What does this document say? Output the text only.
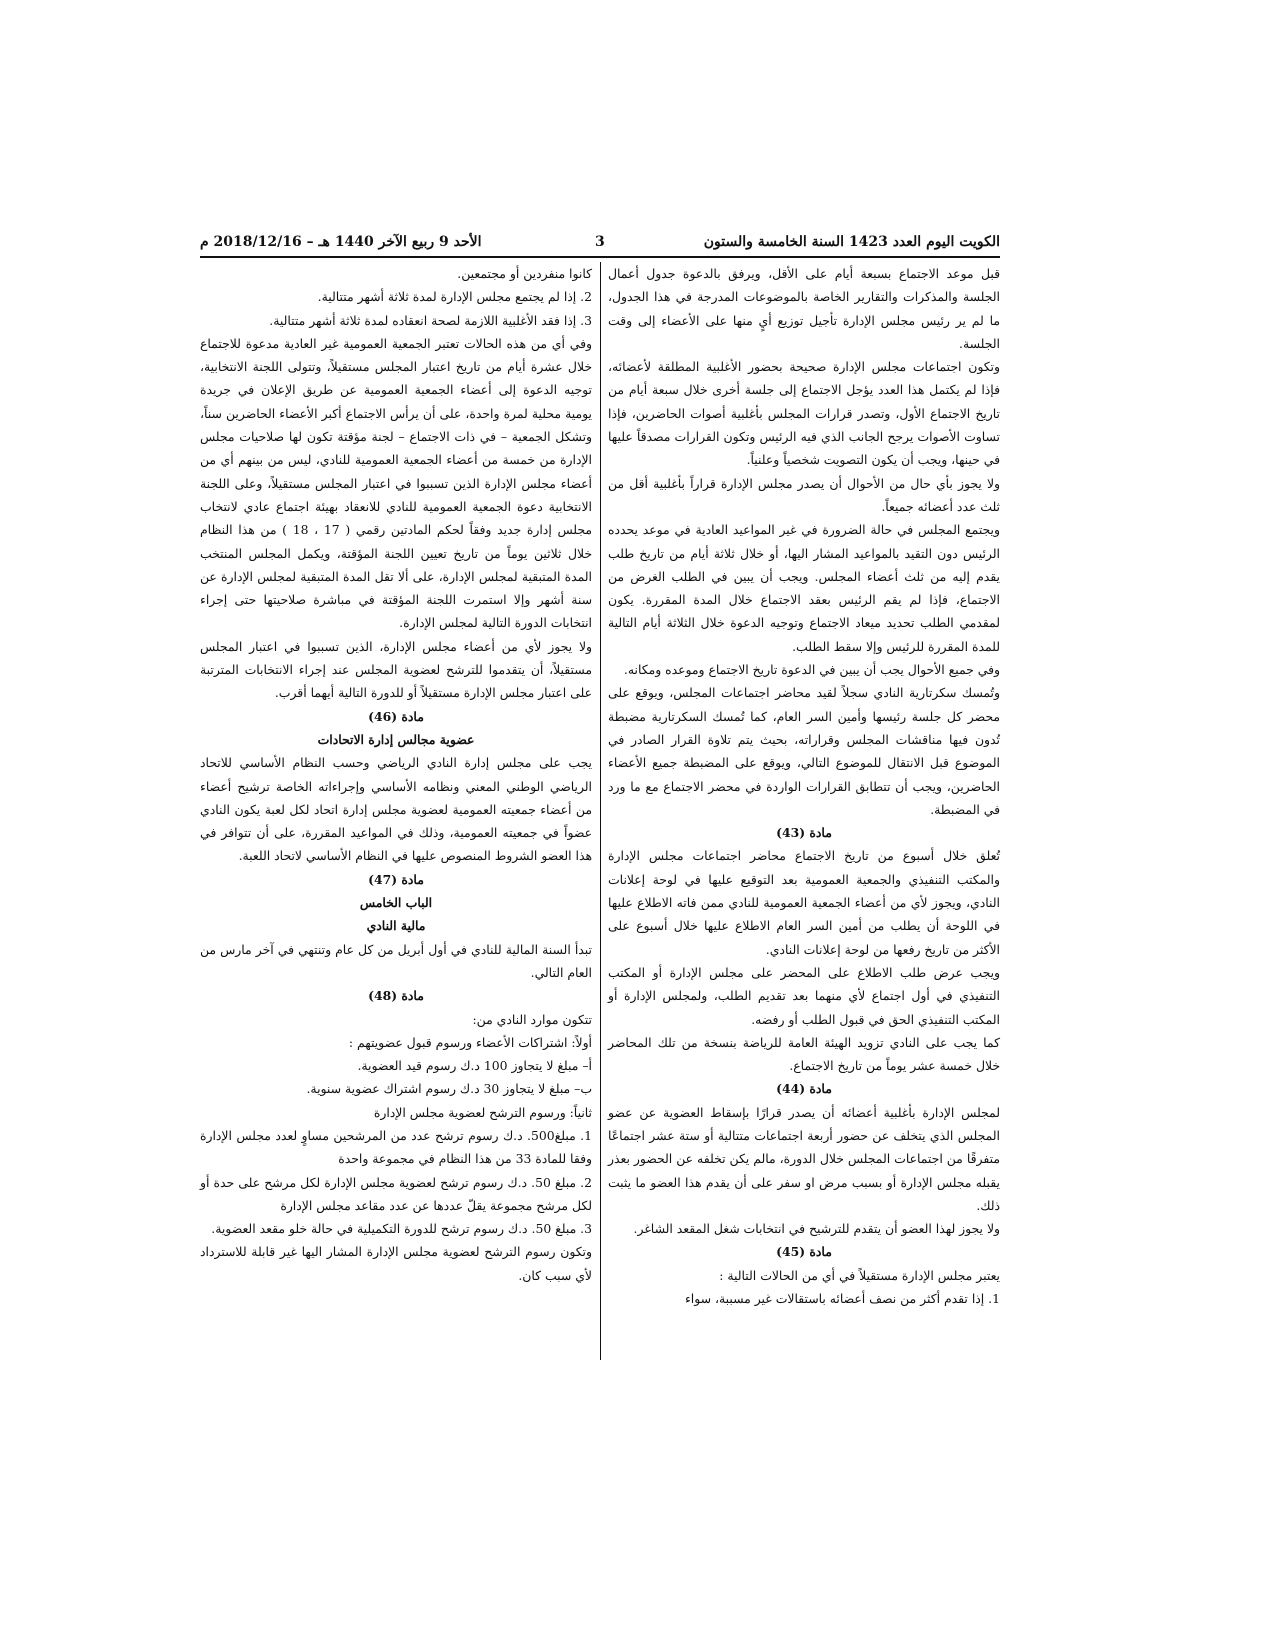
الكويت اليوم العدد 1423 السنة الخامسة والستون
3
الأحد 9 ربيع الآخر 1440 هـ – 2018/12/16 م

قبل موعد الاجتماع بسبعة أيام على الأقل، ويرفق بالدعوة جدول أعمال الجلسة والمذكرات والتقارير الخاصة بالموضوعات المدرجة في هذا الجدول، ما لم ير رئيس مجلس الإدارة تأجيل توزيع أيٍ منها على الأعضاء إلى وقت الجلسة.

وتكون اجتماعات مجلس الإدارة صحيحة بحضور الأغلبية المطلقة لأعضائه، فإذا لم يكتمل هذا العدد يؤجل الاجتماع إلى جلسة أخرى خلال سبعة أيام من تاريخ الاجتماع الأول، وتصدر قرارات المجلس بأغلبية أصوات الحاضرين، فإذا تساوت الأصوات يرجح الجانب الذي فيه الرئيس وتكون القرارات مصدقاً عليها في حينها، ويجب أن يكون التصويت شخصياً وعلنياً.

ولا يجوز بأي حال من الأحوال أن يصدر مجلس الإدارة قراراً بأغلبية أقل من ثلث عدد أعضائه جميعاً.

ويجتمع المجلس في حالة الضرورة في غير المواعيد العادية في موعد يحدده الرئيس دون التقيد بالمواعيد المشار اليها، أو خلال ثلاثة أيام من تاريخ طلب يقدم إليه من ثلث أعضاء المجلس. ويجب أن يبين في الطلب الغرض من الاجتماع، فإذا لم يقم الرئيس بعقد الاجتماع خلال المدة المقررة. يكون لمقدمي الطلب تحديد ميعاد الاجتماع وتوجيه الدعوة خلال الثلاثة أيام التالية للمدة المقررة للرئيس وإلا سقط الطلب.

وفي جميع الأحوال يجب أن يبين في الدعوة تاريخ الاجتماع وموعده ومكانه.

وتُمسك سكرتارية النادي سجلاً لقيد محاضر اجتماعات المجلس، ويوقع على محضر كل جلسة رئيسها وأمين السر العام، كما تُمسك السكرتارية مضبطة تُدون فيها مناقشات المجلس وقراراته، بحيث يتم تلاوة القرار الصادر في الموضوع قبل الانتقال للموضوع التالي، ويوقع على المضبطة جميع الأعضاء الحاضرين، ويجب أن تتطابق القرارات الواردة في محضر الاجتماع مع ما ورد في المضبطة.

مادة (43)

تُعلق خلال أسبوع من تاريخ الاجتماع محاضر اجتماعات مجلس الإدارة والمكتب التنفيذي والجمعية العمومية بعد التوقيع عليها في لوحة إعلانات النادي، ويجوز لأي من أعضاء الجمعية العمومية للنادي ممن فاته الاطلاع عليها في اللوحة أن يطلب من أمين السر العام الاطلاع عليها خلال أسبوع على الأكثر من تاريخ رفعها من لوحة إعلانات النادي.

ويجب عرض طلب الاطلاع على المحضر على مجلس الإدارة أو المكتب التنفيذي في أول اجتماع لأي منهما بعد تقديم الطلب، ولمجلس الإدارة أو المكتب التنفيذي الحق في قبول الطلب أو رفضه.

كما يجب على النادي تزويد الهيئة العامة للرياضة بنسخة من تلك المحاضر خلال خمسة عشر يوماً من تاريخ الاجتماع.

مادة (44)

لمجلس الإدارة بأغلبية أعضائه أن يصدر قرارًا بإسقاط العضوية عن عضو المجلس الذي يتخلف عن حضور أربعة اجتماعات متتالية أو ستة عشر اجتماعًا متفرقًا من اجتماعات المجلس خلال الدورة، مالم يكن تخلفه عن الحضور بعذر يقبله مجلس الإدارة أو بسبب مرض او سفر على أن يقدم هذا العضو ما يثبت ذلك.

ولا يجوز لهذا العضو أن يتقدم للترشيح في انتخابات شغل المقعد الشاغر.

مادة (45)

يعتبر مجلس الإدارة مستقيلاً في أي من الحالات التالية :

1. إذا تقدم أكثر من نصف أعضائه باستقالات غير مسببة، سواء

كانوا منفردين أو مجتمعين.

2. إذا لم يجتمع مجلس الإدارة لمدة ثلاثة أشهر متتالية.

3. إذا فقد الأغلبية اللازمة لصحة انعقاده لمدة ثلاثة أشهر متتالية.

وفي أي من هذه الحالات تعتبر الجمعية العمومية غير العادية مدعوة للاجتماع خلال عشرة أيام من تاريخ اعتبار المجلس مستقيلاً، وتتولى اللجنة الانتخابية، توجيه الدعوة إلى أعضاء الجمعية العمومية عن طريق الإعلان في جريدة يومية محلية لمرة واحدة، على أن يرأس الاجتماع أكبر الأعضاء الحاضرين سناً، وتشكل الجمعية – في ذات الاجتماع – لجنة مؤقتة تكون لها صلاحيات مجلس الإدارة من خمسة من أعضاء الجمعية العمومية للنادي، ليس من بينهم أي من أعضاء مجلس الإدارة الذين تسببوا في اعتبار المجلس مستقيلاً، وعلى اللجنة الانتخابية دعوة الجمعية العمومية للنادي للانعقاد بهيئة اجتماع عادي لانتخاب مجلس إدارة جديد وفقاً لحكم المادتين رقمي ( 17 ، 18 ) من هذا النظام خلال ثلاثين يوماً من تاريخ تعيين اللجنة المؤقتة، ويكمل المجلس المنتخب المدة المتبقية لمجلس الإدارة، على ألا تقل المدة المتبقية لمجلس الإدارة عن سنة أشهر وإلا استمرت اللجنة المؤقتة في مباشرة صلاحيتها حتى إجراء انتخابات الدورة التالية لمجلس الإدارة.

ولا يجوز لأي من أعضاء مجلس الإدارة، الذين تسببوا في اعتبار المجلس مستقيلاً، أن يتقدموا للترشح لعضوية المجلس عند إجراء الانتخابات المترتبة على اعتبار مجلس الإدارة مستقيلاً أو للدورة التالية أيهما أقرب.

مادة (46)

عضوية مجالس إدارة الاتحادات

يجب على مجلس إدارة النادي الرياضي وحسب النظام الأساسي للاتحاد الرياضي الوطني المعني ونظامه الأساسي وإجراءاته الخاصة ترشيح أعضاء من أعضاء جمعيته العمومية لعضوية مجلس إدارة اتحاد لكل لعبة يكون النادي عضواً في جمعيته العمومية، وذلك في المواعيد المقررة، على أن تتوافر في هذا العضو الشروط المنصوص عليها في النظام الأساسي لاتحاد اللعبة.

مادة (47)

الباب الخامس

مالية النادي

تبدأ السنة المالية للنادي في أول أبريل من كل عام وتنتهي في آخر مارس من العام التالي.

مادة (48)

تتكون موارد النادي من:

أولاً: اشتراكات الأعضاء ورسوم قبول عضويتهم :

أ– مبلغ لا يتجاوز 100 د.ك رسوم قيد العضوية.

ب– مبلغ لا يتجاوز 30 د.ك رسوم اشتراك عضوية سنوية.

ثانياً: ورسوم الترشح لعضوية مجلس الإدارة

1. مبلغ500. د.ك رسوم ترشح عدد من المرشحين مساوٍ لعدد مجلس الإدارة وفقا للمادة 33 من هذا النظام في مجموعة واحدة

2. مبلغ 50. د.ك رسوم ترشح لعضوية مجلس الإدارة لكل مرشح على حدة أو لكل مرشح مجموعة يقلّ عددها عن عدد مقاعد مجلس الإدارة

3. مبلغ 50. د.ك رسوم ترشح للدورة التكميلية في حالة خلو مقعد العضوية.

وتكون رسوم الترشح لعضوية مجلس الإدارة المشار اليها غير قابلة للاسترداد لأي سبب كان.
